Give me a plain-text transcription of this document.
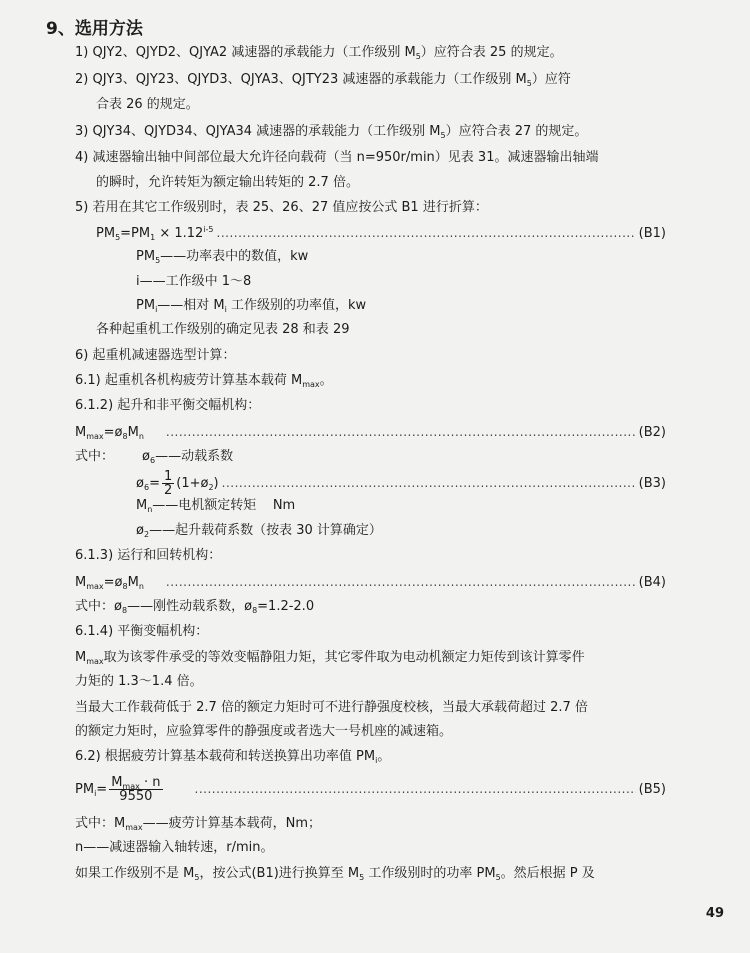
9、选用方法
1) QJY2、QJYD2、QJYA2 减速器的承载能力（工作级别 $M_5$）应符合表 25 的规定。
2) QJY3、QJY23、QJYD3、QJYA3、QJTY23 减速器的承载能力（工作级别 $M_5$）应符
合表 26 的规定。
3) QJY34、QJYD34、QJYA34 减速器的承载能力（工作级别 $M_5$）应符合表 27 的规定。
4) 减速器输出轴中间部位最大允许径向载荷（当 n=950r/min）见表 31。减速器输出轴端
的瞬时，允许转矩为额定输出转矩的 2.7 倍。
5) 若用在其它工作级别时，表 25、26、27 值应按公式 B1 进行折算：
$PM_5=PM_1 \times 1.12^{i-5}$ .....	(B1)
$PM_5——$功率表中的数值，kw
i——工作级中 1～8
$PM_i——$相对 $M_i$ 工作级别的功率值，kw
各种起重机工作级别的确定见表 28 和表 29
6) 起重机减速器选型计算：
6.1) 起重机各机构疲劳计算基本载荷 $M_{max}$。
6.1.2) 起升和非平衡交幅机构：
$M_{max}=ø_8M_n$ .....	(B2)
式中： $ø_6——$动载系数
$ø_6= \frac{1}{2}$ $(1+ø_2)$ .....	(B3)
$M_n——$电机额定转矩    Nm
$ø_2——$起升载荷系数（按表 30 计算确定）
6.1.3) 运行和回转机构：
$M_{max}=ø_8M_n$ .....	(B4)
式中：$ø_8——$刚性动载系数，$ø_8=1.2-2.0$
6.1.4) 平衡变幅机构：
$M_{max}$取为该零件承受的等效变幅静阻力矩，其它零件取为电动机额定力矩传到该计算零件
力矩的 1.3～1.4 倍。
当最大工作载荷低于 2.7 倍的额定力矩时可不进行静强度校核，当最大承载荷超过 2.7 倍
的额定力矩时，应验算零件的静强度或者选大一号机座的减速箱。
6.2) 根据疲劳计算基本载荷和转送换算出功率值 $PM_i$。
$PM_i= \frac{M_{max} \cdot n}{9550}$ .....	(B5)
式中：$M_{max}——$疲劳计算基本载荷，Nm；
n——减速器输入轴转速，r/min。
如果工作级别不是 $M_5$，按公式(B1)进行换算至 $M_5$ 工作级别时的功率 $PM_5$。然后根据 P 及
49
